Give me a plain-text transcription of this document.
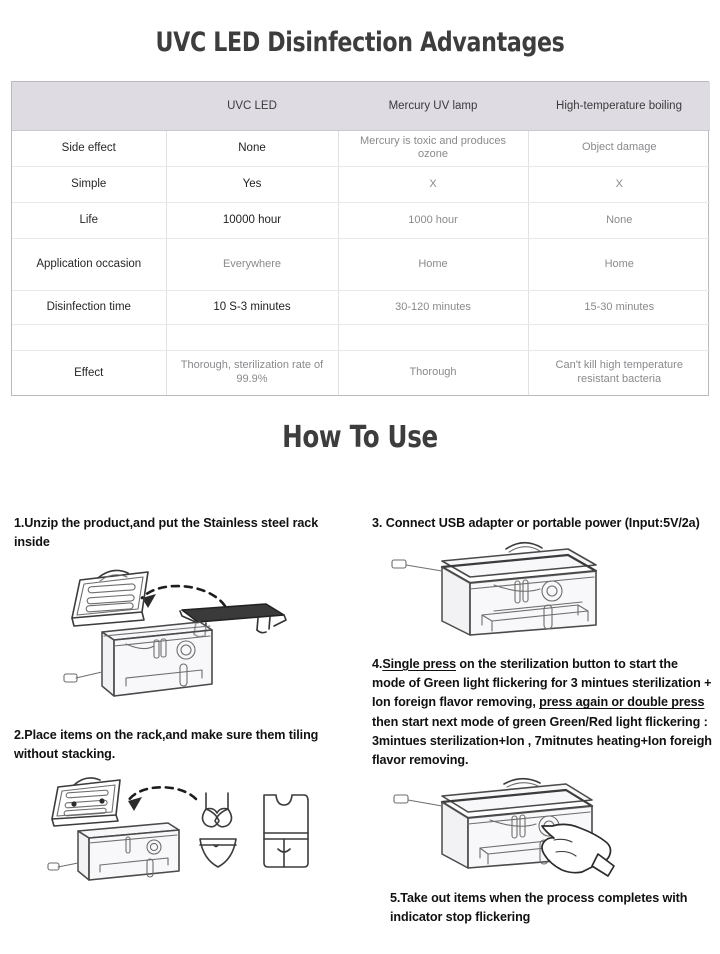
UVC LED Disinfection Advantages
	UVC LED	Mercury UV lamp	High-temperature boiling
Side effect	None	Mercury is toxic and produces ozone	Object damage
Simple	Yes	X	X
Life	10000 hour	1000 hour	None
Application occasion	Everywhere	Home	Home
Disinfection time	10 S-3 minutes	30-120 minutes	15-30 minutes

Effect	Thorough, sterilization rate of 99.9%	Thorough	Can't kill high temperature resistant bacteria
How To Use
1.Unzip the product,and put the Stainless steel rack inside
2.Place items on the rack,and make sure them tiling without stacking.
3. Connect USB adapter or portable power (Input:5V/2a)
4.Single press on the sterilization button to start the mode of Green light flickering for 3 mintues sterilization + Ion foreign flavor removing, press again or double press then start next mode of green Green/Red light flickering : 3mintues sterilization+Ion , 7mitnutes heating+Ion foreigh flavor removing.
5.Take out items when the process completes with indicator stop flickering
